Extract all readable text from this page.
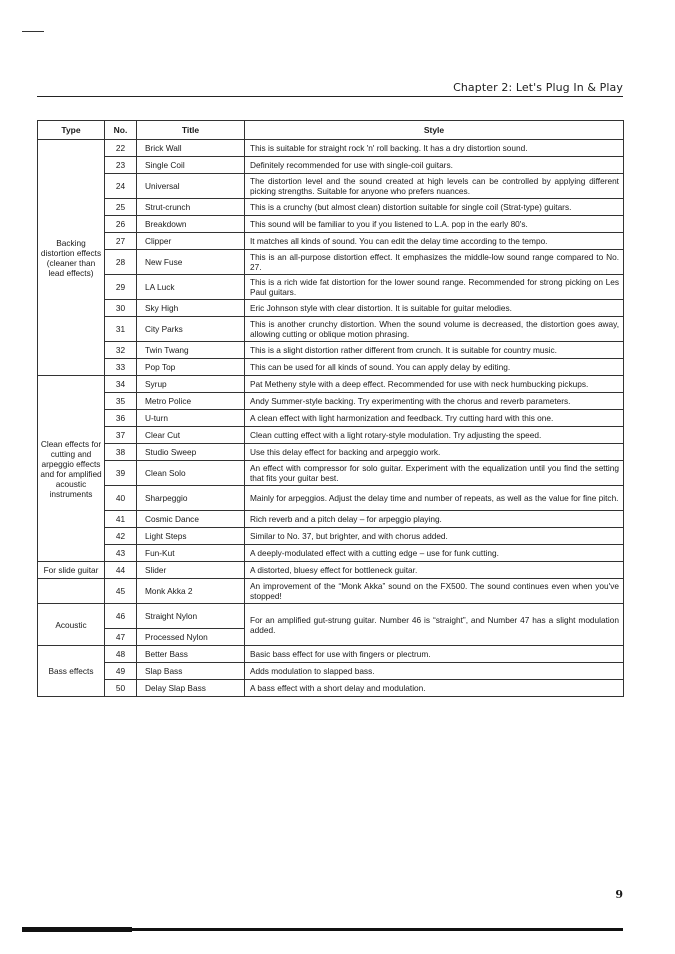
Chapter 2: Let's Plug In & Play
Type	No.	Title	Style
Backing distortion effects (cleaner than lead effects)	22	Brick Wall	This is suitable for straight rock 'n' roll backing. It has a dry distortion sound.
	23	Single Coil	Definitely recommended for use with single-coil guitars.
	24	Universal	The distortion level and the sound created at high levels can be controlled by applying different picking strengths. Suitable for anyone who prefers nuances.
	25	Strut-crunch	This is a crunchy (but almost clean) distortion suitable for single coil (Strat-type) guitars.
	26	Breakdown	This sound will be familiar to you if you listened to L.A. pop in the early 80's.
	27	Clipper	It matches all kinds of sound. You can edit the delay time according to the tempo.
	28	New Fuse	This is an all-purpose distortion effect. It emphasizes the middle-low sound range compared to No. 27.
	29	LA Luck	This is a rich wide fat distortion for the lower sound range. Recommended for strong picking on Les Paul guitars.
	30	Sky High	Eric Johnson style with clear distortion. It is suitable for guitar melodies.
	31	City Parks	This is another crunchy distortion. When the sound volume is decreased, the distortion goes away, allowing cutting or oblique motion phrasing.
	32	Twin Twang	This is a slight distortion rather different from crunch. It is suitable for country music.
	33	Pop Top	This can be used for all kinds of sound. You can apply delay by editing.
Clean effects for cutting and arpeggio effects and for amplified acoustic instruments	34	Syrup	Pat Metheny style with a deep effect. Recommended for use with neck humbucking pickups.
	35	Metro Police	Andy Summer-style backing. Try experimenting with the chorus and reverb parameters.
	36	U-turn	A clean effect with light harmonization and feedback. Try cutting hard with this one.
	37	Clear Cut	Clean cutting effect with a light rotary-style modulation. Try adjusting the speed.
	38	Studio Sweep	Use this delay effect for backing and arpeggio work.
	39	Clean Solo	An effect with compressor for solo guitar. Experiment with the equalization until you find the setting that fits your guitar best.
	40	Sharpeggio	Mainly for arpeggios. Adjust the delay time and number of repeats, as well as the value for fine pitch.
	41	Cosmic Dance	Rich reverb and a pitch delay – for arpeggio playing.
	42	Light Steps	Similar to No. 37, but brighter, and with chorus added.
	43	Fun-Kut	A deeply-modulated effect with a cutting edge – use for funk cutting.
For slide guitar	44	Slider	A distorted, bluesy effect for bottleneck guitar.
	45	Monk Akka 2	An improvement of the “Monk Akka” sound on the FX500. The sound continues even when you've stopped!
Acoustic	46	Straight Nylon	For an amplified gut-strung guitar. Number 46 is “straight”, and Number 47 has a slight modulation added.
	47	Processed Nylon	
Bass effects	48	Better Bass	Basic bass effect for use with fingers or plectrum.
	49	Slap Bass	Adds modulation to slapped bass.
	50	Delay Slap Bass	A bass effect with a short delay and modulation.
9
